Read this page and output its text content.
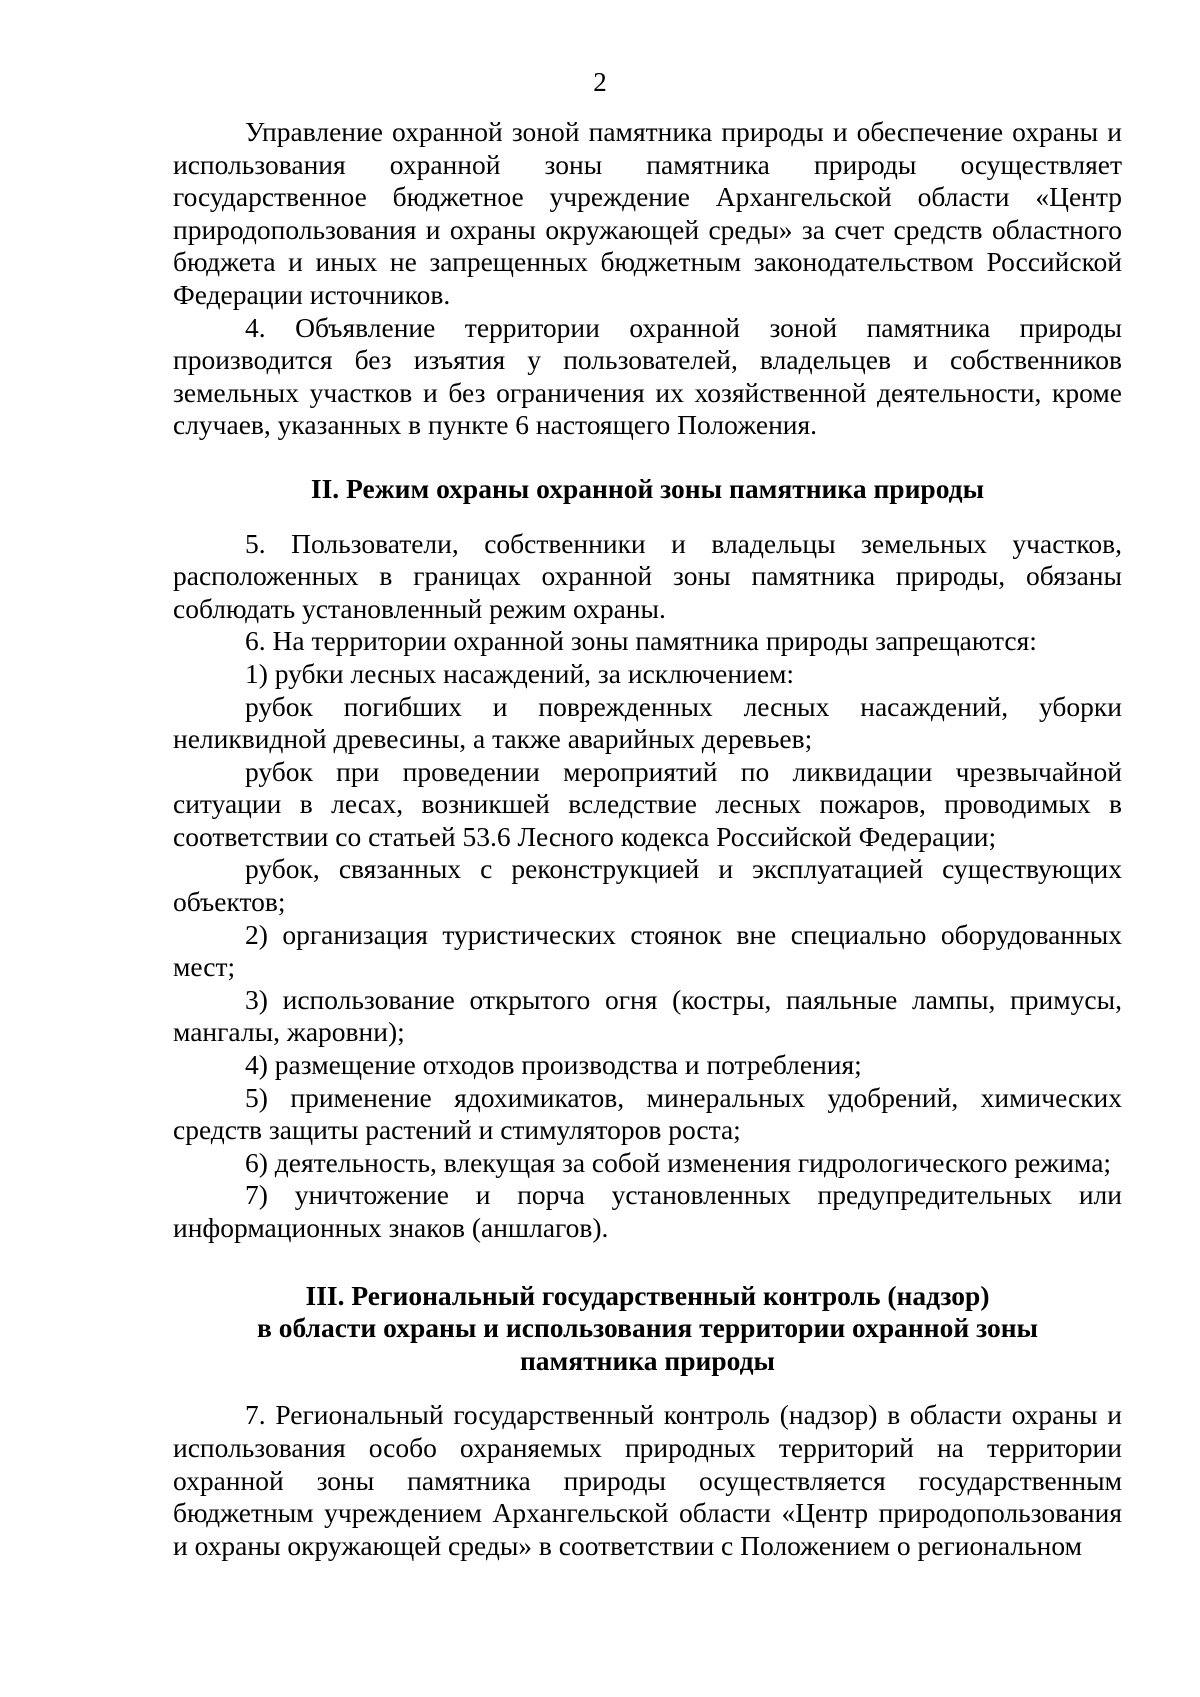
2

Управление охранной зоной памятника природы и обеспечение охраны и использования охранной зоны памятника природы осуществляет государственное бюджетное учреждение Архангельской области «Центр природопользования и охраны окружающей среды» за счет средств областного бюджета и иных не запрещенных бюджетным законодательством Российской Федерации источников.

4. Объявление территории охранной зоной памятника природы производится без изъятия у пользователей, владельцев и собственников земельных участков и без ограничения их хозяйственной деятельности, кроме случаев, указанных в пункте 6 настоящего Положения.

II. Режим охраны охранной зоны памятника природы

5. Пользователи, собственники и владельцы земельных участков, расположенных в границах охранной зоны памятника природы, обязаны соблюдать установленный режим охраны.

6. На территории охранной зоны памятника природы запрещаются:

1) рубки лесных насаждений, за исключением:

рубок погибших и поврежденных лесных насаждений, уборки неликвидной древесины, а также аварийных деревьев;

рубок при проведении мероприятий по ликвидации чрезвычайной ситуации в лесах, возникшей вследствие лесных пожаров, проводимых в соответствии со статьей 53.6 Лесного кодекса Российской Федерации;

рубок, связанных с реконструкцией и эксплуатацией существующих объектов;

2) организация туристических стоянок вне специально оборудованных мест;

3) использование открытого огня (костры, паяльные лампы, примусы, мангалы, жаровни);

4) размещение отходов производства и потребления;

5) применение ядохимикатов, минеральных удобрений, химических средств защиты растений и стимуляторов роста;

6) деятельность, влекущая за собой изменения гидрологического режима;

7) уничтожение и порча установленных предупредительных или информационных знаков (аншлагов).

III. Региональный государственный контроль (надзор)
в области охраны и использования территории охранной зоны
памятника природы

7. Региональный государственный контроль (надзор) в области охраны и использования особо охраняемых природных территорий на территории охранной зоны памятника природы осуществляется государственным бюджетным учреждением Архангельской области «Центр природопользования и охраны окружающей среды» в соответствии с Положением о региональном
